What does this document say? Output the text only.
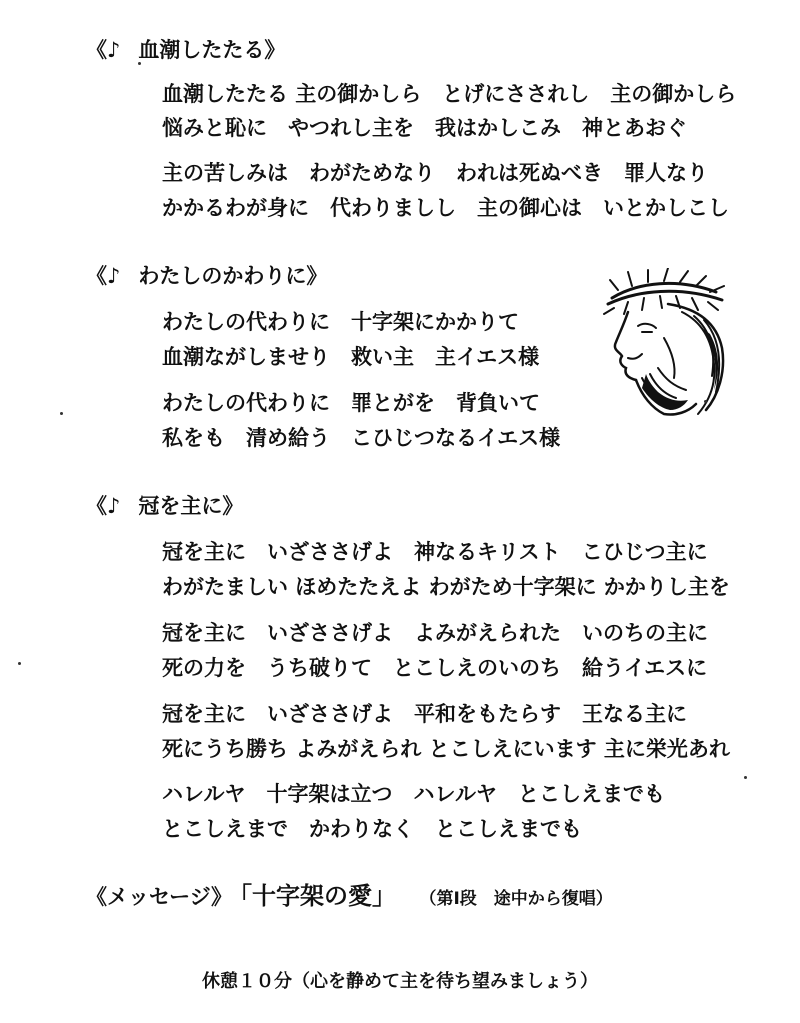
《♪ 血潮したたる》
血潮したたる 主の御かしら　とげにさされし　主の御かしら
悩みと恥に　やつれし主を　我はかしこみ　神とあおぐ
主の苦しみは　わがためなり　われは死ぬべき　罪人なり
かかるわが身に　代わりましし　主の御心は　いとかしこし
《♪ わたしのかわりに》
わたしの代わりに　十字架にかかりて
血潮ながしませり　救い主　主イエス様
わたしの代わりに　罪とがを　背負いて
私をも　清め給う　こひじつなるイエス様
《♪ 冠を主に》
冠を主に　いざささげよ　神なるキリスト　こひじつ主に
わがたましい ほめたたえよ わがため十字架に かかりし主を
冠を主に　いざささげよ　よみがえられた　いのちの主に
死の力を　うち破りて　とこしえのいのち　給うイエスに
冠を主に　いざささげよ　平和をもたらす　王なる主に
死にうち勝ち よみがえられ とこしえにいます 主に栄光あれ
ハレルヤ　十字架は立つ　ハレルヤ　とこしえまでも
とこしえまで　かわりなく　とこしえまでも
《メッセージ》 「十字架の愛」 （第Ⅰ段　途中から復唱）
休憩１０分（心を静めて主を待ち望みましょう）
